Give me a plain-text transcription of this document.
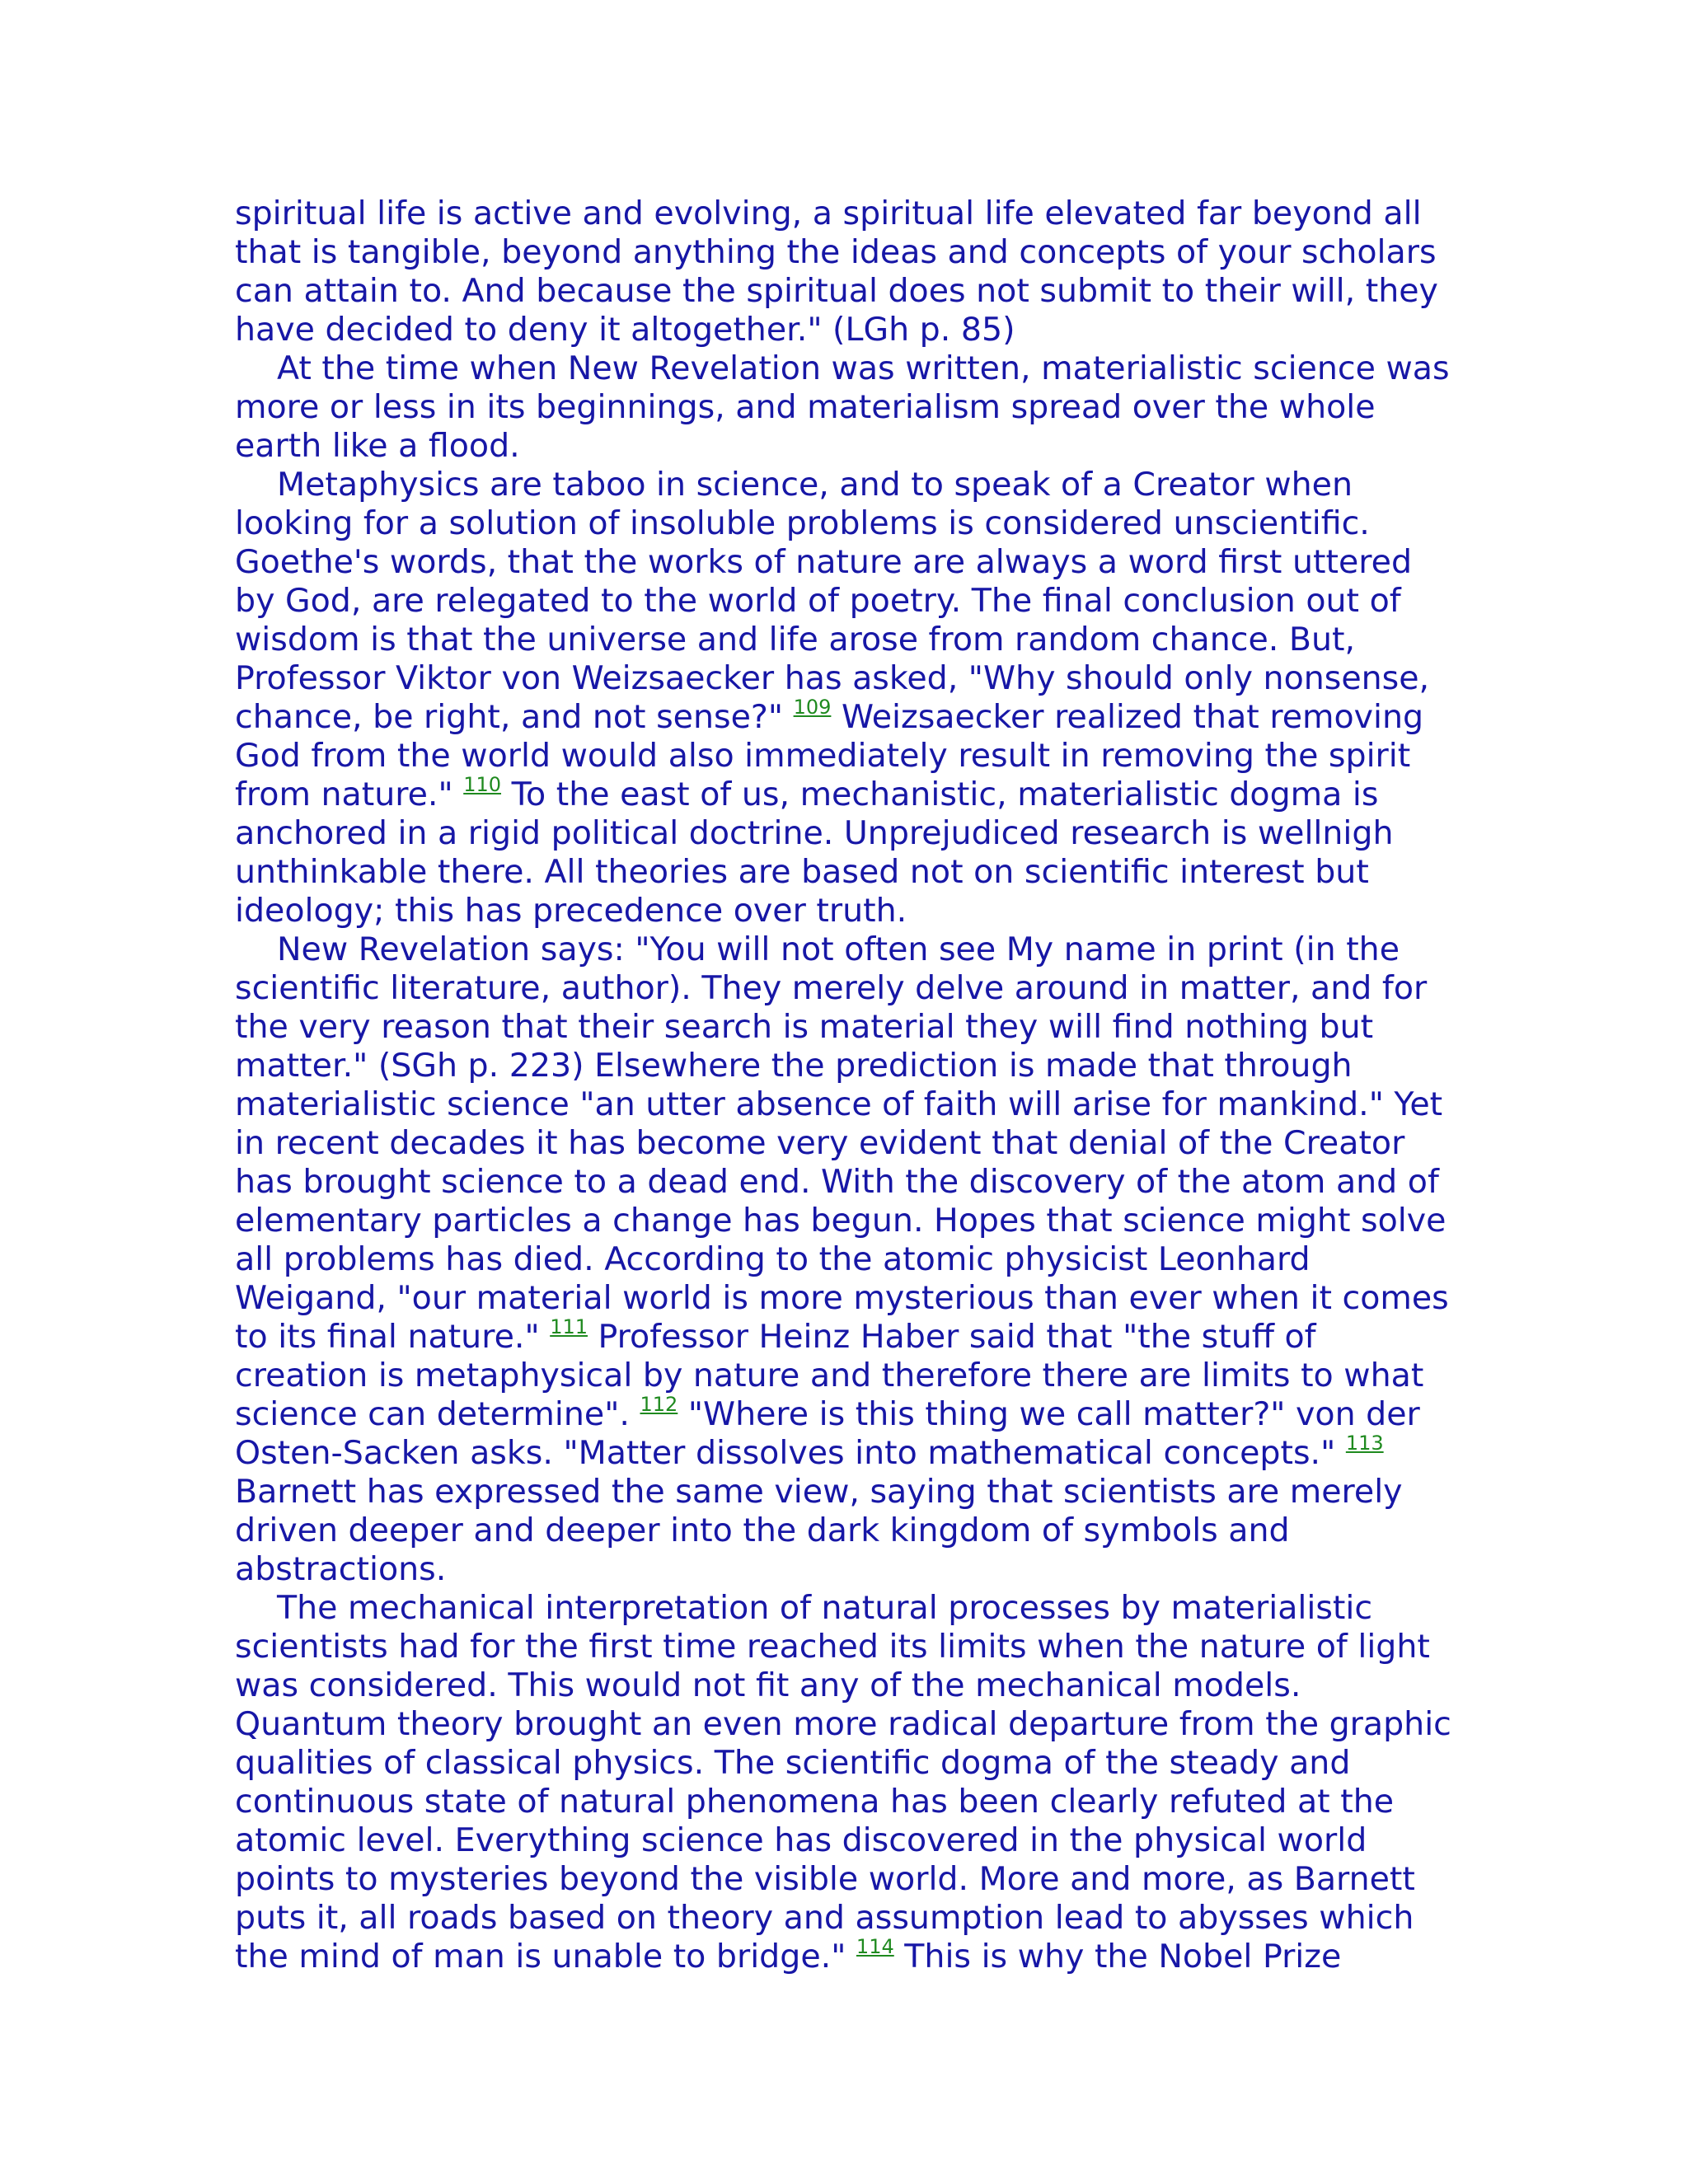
spiritual life is active and evolving, a spiritual life elevated far beyond all that is tangible, beyond anything the ideas and concepts of your scholars can attain to. And because the spiritual does not submit to their will, they have decided to deny it altogether." (LGh p. 85)

At the time when New Revelation was written, materialistic science was more or less in its beginnings, and materialism spread over the whole earth like a flood.

Metaphysics are taboo in science, and to speak of a Creator when looking for a solution of insoluble problems is considered unscientific. Goethe's words, that the works of nature are always a word first uttered by God, are relegated to the world of poetry. The final conclusion out of wisdom is that the universe and life arose from random chance. But, Professor Viktor von Weizsaecker has asked, "Why should only nonsense, chance, be right, and not sense?" $^{109}$ Weizsaecker realized that removing God from the world would also immediately result in removing the spirit from nature." $^{110}$ To the east of us, mechanistic, materialistic dogma is anchored in a rigid political doctrine. Unprejudiced research is wellnigh unthinkable there. All theories are based not on scientific interest but ideology; this has precedence over truth.

New Revelation says: "You will not often see My name in print (in the scientific literature, author). They merely delve around in matter, and for the very reason that their search is material they will find nothing but matter." (SGh p. 223) Elsewhere the prediction is made that through materialistic science "an utter absence of faith will arise for mankind." Yet in recent decades it has become very evident that denial of the Creator has brought science to a dead end. With the discovery of the atom and of elementary particles a change has begun. Hopes that science might solve all problems has died. According to the atomic physicist Leonhard Weigand, "our material world is more mysterious than ever when it comes to its final nature." $^{111}$ Professor Heinz Haber said that "the stuff of creation is metaphysical by nature and therefore there are limits to what science can determine". $^{112}$ "Where is this thing we call matter?" von der Osten-Sacken asks. "Matter dissolves into mathematical concepts." $^{113}$ Barnett has expressed the same view, saying that scientists are merely driven deeper and deeper into the dark kingdom of symbols and abstractions.

The mechanical interpretation of natural processes by materialistic scientists had for the first time reached its limits when the nature of light was considered. This would not fit any of the mechanical models. Quantum theory brought an even more radical departure from the graphic qualities of classical physics. The scientific dogma of the steady and continuous state of natural phenomena has been clearly refuted at the atomic level. Everything science has discovered in the physical world points to mysteries beyond the visible world. More and more, as Barnett puts it, all roads based on theory and assumption lead to abysses which the mind of man is unable to bridge." $^{114}$ This is why the Nobel Prize
